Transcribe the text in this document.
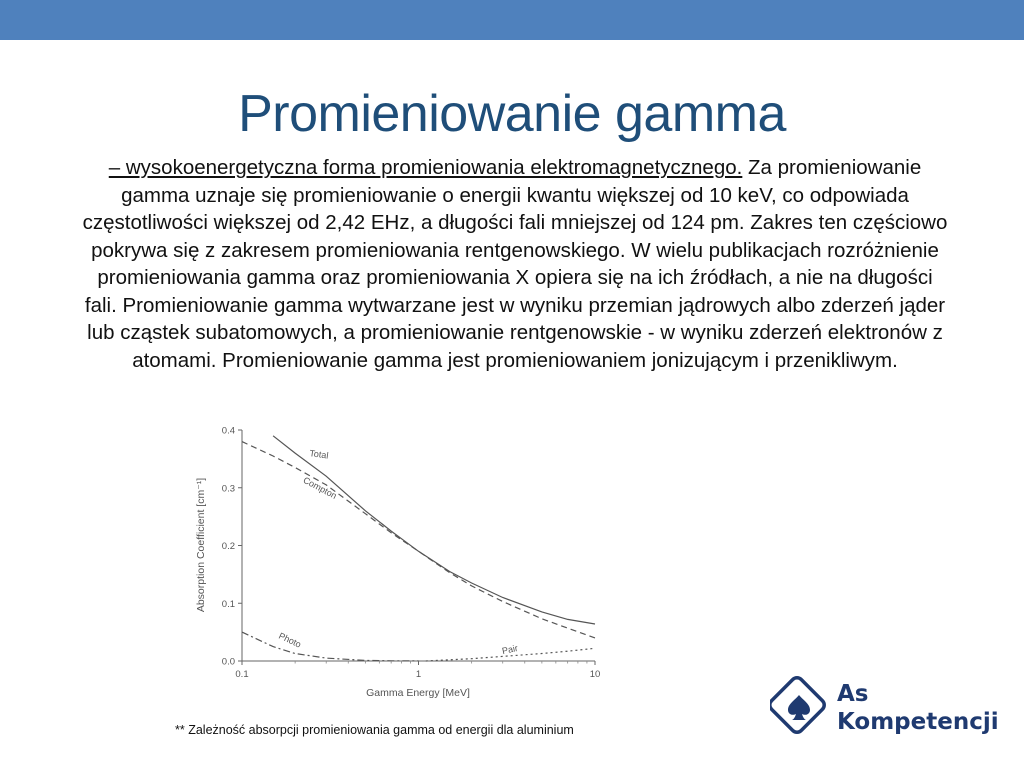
Promieniowanie gamma
– wysokoenergetyczna forma promieniowania elektromagnetycznego. Za promieniowanie gamma uznaje się promieniowanie o energii kwantu większej od 10 keV, co odpowiada częstotliwości większej od 2,42 EHz, a długości fali mniejszej od 124 pm. Zakres ten częściowo pokrywa się z zakresem promieniowania rentgenowskiego. W wielu publikacjach rozróżnienie promieniowania gamma oraz promieniowania X opiera się na ich źródłach, a nie na długości fali. Promieniowanie gamma wytwarzane jest w wyniku przemian jądrowych albo zderzeń jąder lub cząstek subatomowych, a promieniowanie rentgenowskie - w wyniku zderzeń elektronów z atomami. Promieniowanie gamma jest promieniowaniem jonizującym i przenikliwym.
Total
Compton
Photo	Pair
0.0
0.1
0.2
0.3
0.4
0.1	1	10
Gamma Energy [MeV]
Absorption Coefficient [cm⁻¹]
** Zależność absorpcji promieniowania gamma od energii dla aluminium
As
Kompetencji
